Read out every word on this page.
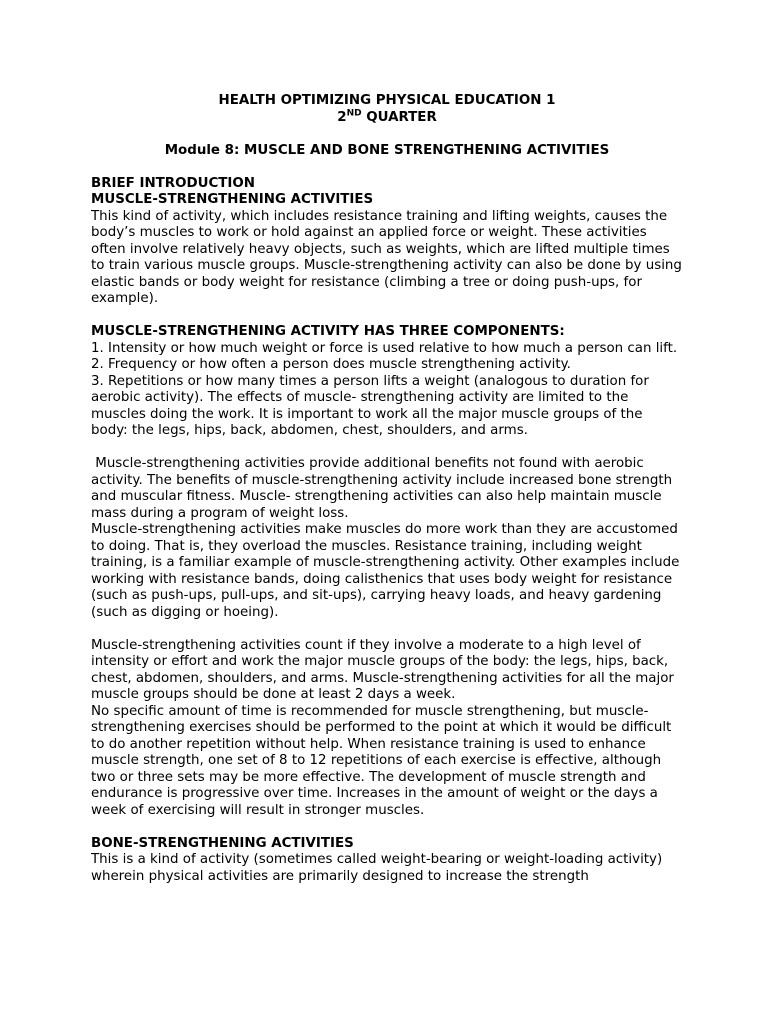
HEALTH OPTIMIZING PHYSICAL EDUCATION 1

2ND QUARTER

Module 8: MUSCLE AND BONE STRENGTHENING ACTIVITIES

BRIEF INTRODUCTION

MUSCLE-STRENGTHENING ACTIVITIES

This kind of activity, which includes resistance training and lifting weights, causes the body’s muscles to work or hold against an applied force or weight. These activities often involve relatively heavy objects, such as weights, which are lifted multiple times to train various muscle groups. Muscle-strengthening activity can also be done by using elastic bands or body weight for resistance (climbing a tree or doing push-ups, for example).

MUSCLE-STRENGTHENING ACTIVITY HAS THREE COMPONENTS:

1. Intensity or how much weight or force is used relative to how much a person can lift.

2. Frequency or how often a person does muscle strengthening activity.

3. Repetitions or how many times a person lifts a weight (analogous to duration for aerobic activity). The effects of muscle- strengthening activity are limited to the muscles doing the work. It is important to work all the major muscle groups of the body: the legs, hips, back, abdomen, chest, shoulders, and arms.

Muscle-strengthening activities provide additional benefits not found with aerobic activity. The benefits of muscle-strengthening activity include increased bone strength and muscular fitness. Muscle- strengthening activities can also help maintain muscle mass during a program of weight loss.

Muscle-strengthening activities make muscles do more work than they are accustomed to doing. That is, they overload the muscles. Resistance training, including weight training, is a familiar example of muscle-strengthening activity. Other examples include working with resistance bands, doing calisthenics that uses body weight for resistance (such as push-ups, pull-ups, and sit-ups), carrying heavy loads, and heavy gardening (such as digging or hoeing).

Muscle-strengthening activities count if they involve a moderate to a high level of intensity or effort and work the major muscle groups of the body: the legs, hips, back, chest, abdomen, shoulders, and arms. Muscle-strengthening activities for all the major muscle groups should be done at least 2 days a week.

No specific amount of time is recommended for muscle strengthening, but muscle-strengthening exercises should be performed to the point at which it would be difficult to do another repetition without help. When resistance training is used to enhance muscle strength, one set of 8 to 12 repetitions of each exercise is effective, although two or three sets may be more effective. The development of muscle strength and endurance is progressive over time. Increases in the amount of weight or the days a week of exercising will result in stronger muscles.

BONE-STRENGTHENING ACTIVITIES

This is a kind of activity (sometimes called weight-bearing or weight-loading activity) wherein physical activities are primarily designed to increase the strength
